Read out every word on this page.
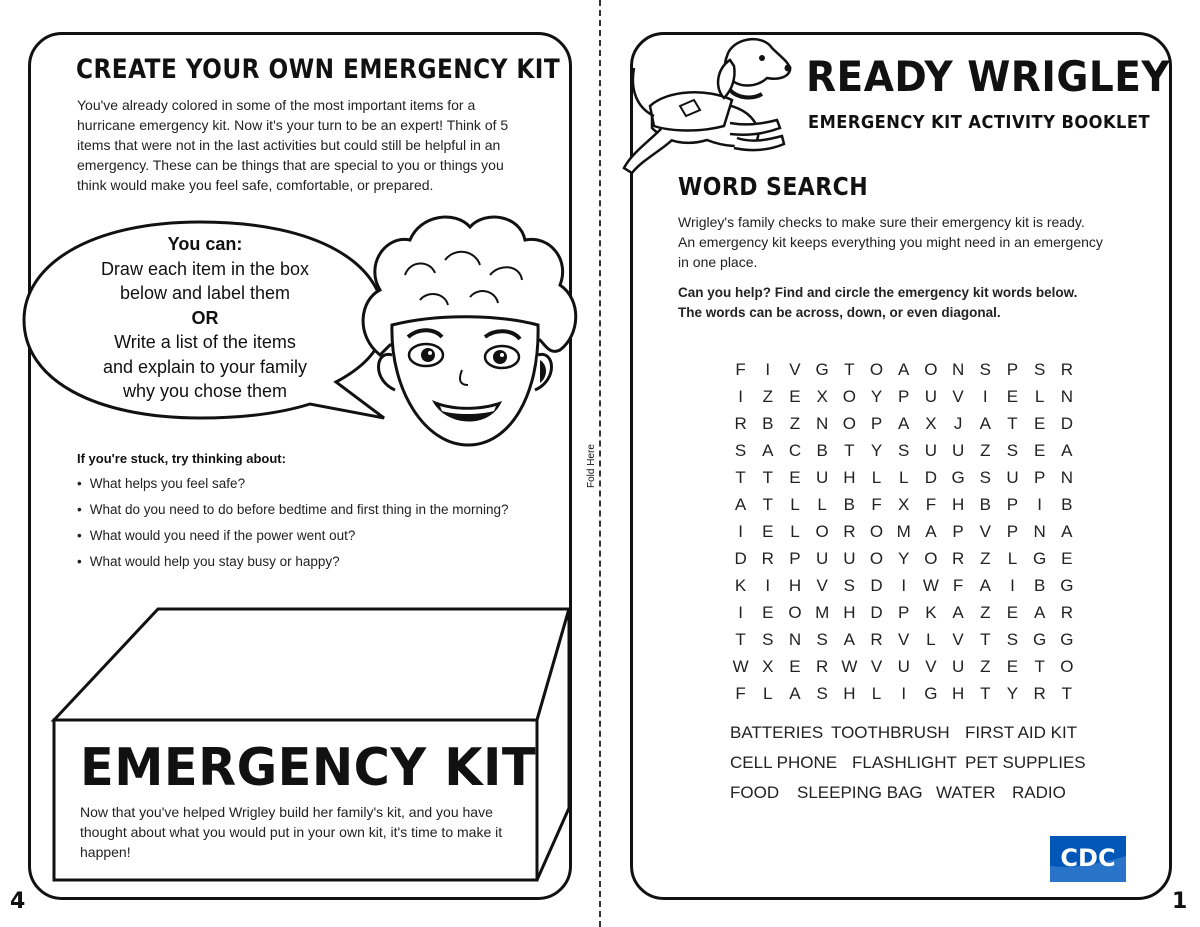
Fold Here
CREATE YOUR OWN EMERGENCY KIT
You've already colored in some of the most important items for a hurricane emergency kit. Now it's your turn to be an expert! Think of 5 items that were not in the last activities but could still be helpful in an emergency. These can be things that are special to you or things you think would make you feel safe, comfortable, or prepared.
You can:
Draw each item in the box
below and label them
OR
Write a list of the items
and explain to your family
why you chose them
If you're stuck, try thinking about:
• What helps you feel safe?
• What do you need to do before bedtime and first thing in the morning?
• What would you need if the power went out?
• What would help you stay busy or happy?
EMERGENCY KIT
Now that you've helped Wrigley build her family's kit, and you have thought about what you would put in your own kit, it's time to make it happen!
4
READY WRIGLEY
EMERGENCY KIT ACTIVITY BOOKLET
WORD SEARCH
Wrigley's family checks to make sure their emergency kit is ready.
An emergency kit keeps everything you might need in an emergency
in one place.
Can you help? Find and circle the emergency kit words below.
The words can be across, down, or even diagonal.
F	I	V	G	T	O	A	O	N	S	P	S	R
I	Z	E	X	O	Y	P	U	V	I	E	L	N
R	B	Z	N	O	P	A	X	J	A	T	E	D
S	A	C	B	T	Y	S	U	U	Z	S	E	A
T	T	E	U	H	L	L	D	G	S	U	P	N
A	T	L	L	B	F	X	F	H	B	P	I	B
I	E	L	O	R	O	M	A	P	V	P	N	A
D	R	P	U	U	O	Y	O	R	Z	L	G	E
K	I	H	V	S	D	I	W	F	A	I	B	G
I	E	O	M	H	D	P	K	A	Z	E	A	R
T	S	N	S	A	R	V	L	V	T	S	G	G
W	X	E	R	W	V	U	V	U	Z	E	T	O
F	L	A	S	H	L	I	G	H	T	Y	R	T
BATTERIES TOOTHBRUSH FIRST AID KIT
CELL PHONE FLASHLIGHT PET SUPPLIES
FOOD SLEEPING BAG WATER RADIO
CDC
1
